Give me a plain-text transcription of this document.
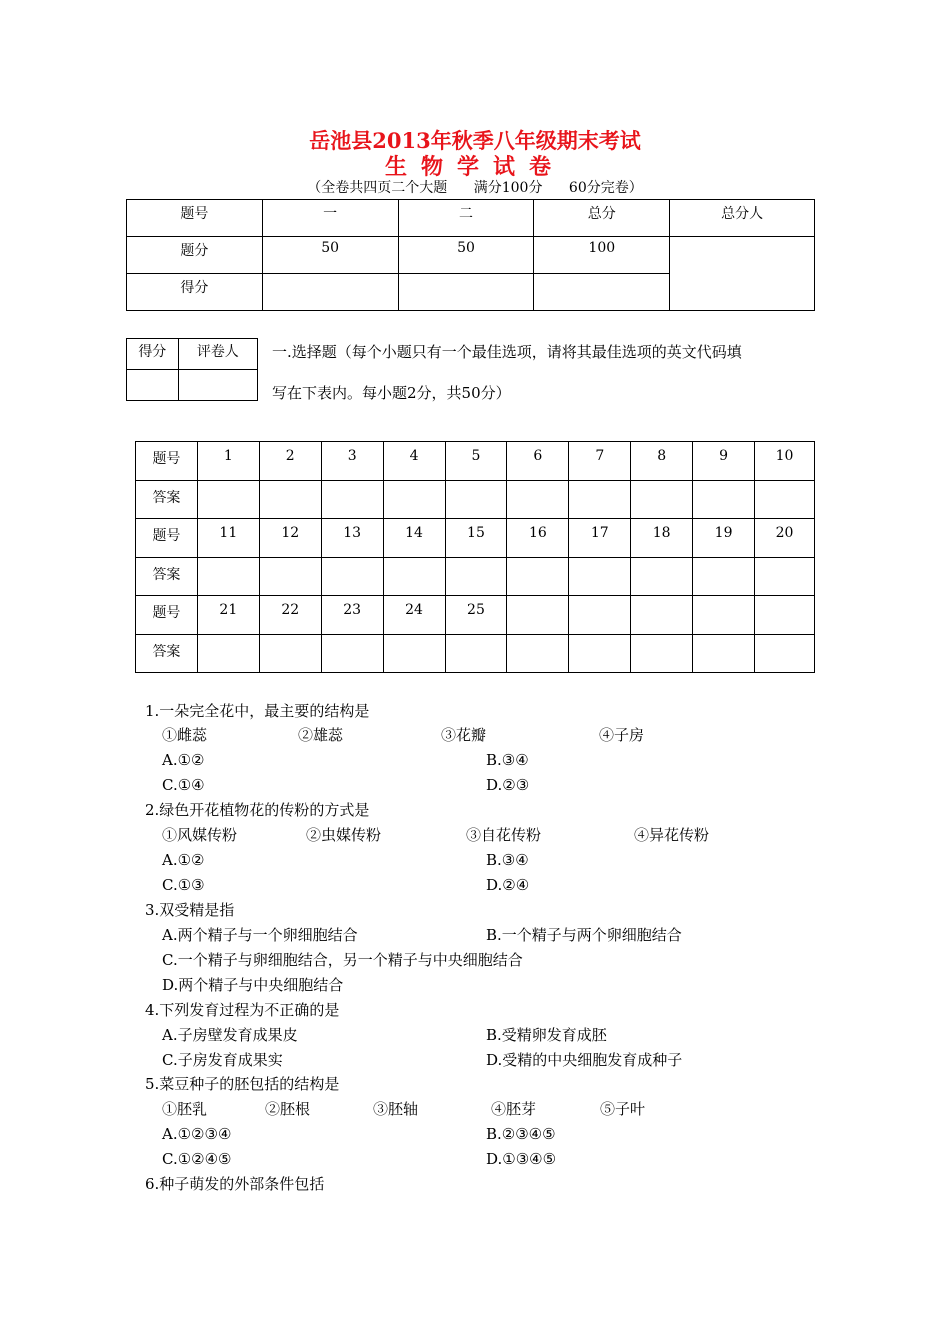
岳池县2013年秋季八年级期末考试
生物学试卷
（全卷共四页二个大题 满分100分 60分完卷）
题号	一	二	总分	总分人
题分	50	50	100	
得分				
得分	评卷人
	一.选择题（每个小题只有一个最佳选项，请将其最佳选项的英文代码填
写在下表内。每小题2分，共50分）
题号	1	2	3	4	5	6	7	8	9	10
答案										
题号	11	12	13	14	15	16	17	18	19	20
答案										
题号	21	22	23	24	25					
答案										
1.一朵完全花中，最主要的结构是
①雌蕊	②雄蕊	③花瓣	④子房
A.①②	B.③④
C.①④	D.②③
2.绿色开花植物花的传粉的方式是
①风媒传粉	②虫媒传粉	③自花传粉	④异花传粉
A.①②	B.③④
C.①③	D.②④
3.双受精是指
A.两个精子与一个卵细胞结合	B.一个精子与两个卵细胞结合
C.一个精子与卵细胞结合，另一个精子与中央细胞结合
D.两个精子与中央细胞结合
4.下列发育过程为不正确的是
A.子房壁发育成果皮	B.受精卵发育成胚
C.子房发育成果实	D.受精的中央细胞发育成种子
5.菜豆种子的胚包括的结构是
①胚乳	②胚根	③胚轴	④胚芽	⑤子叶
A.①②③④	B.②③④⑤
C.①②④⑤	D.①③④⑤
6.种子萌发的外部条件包括
